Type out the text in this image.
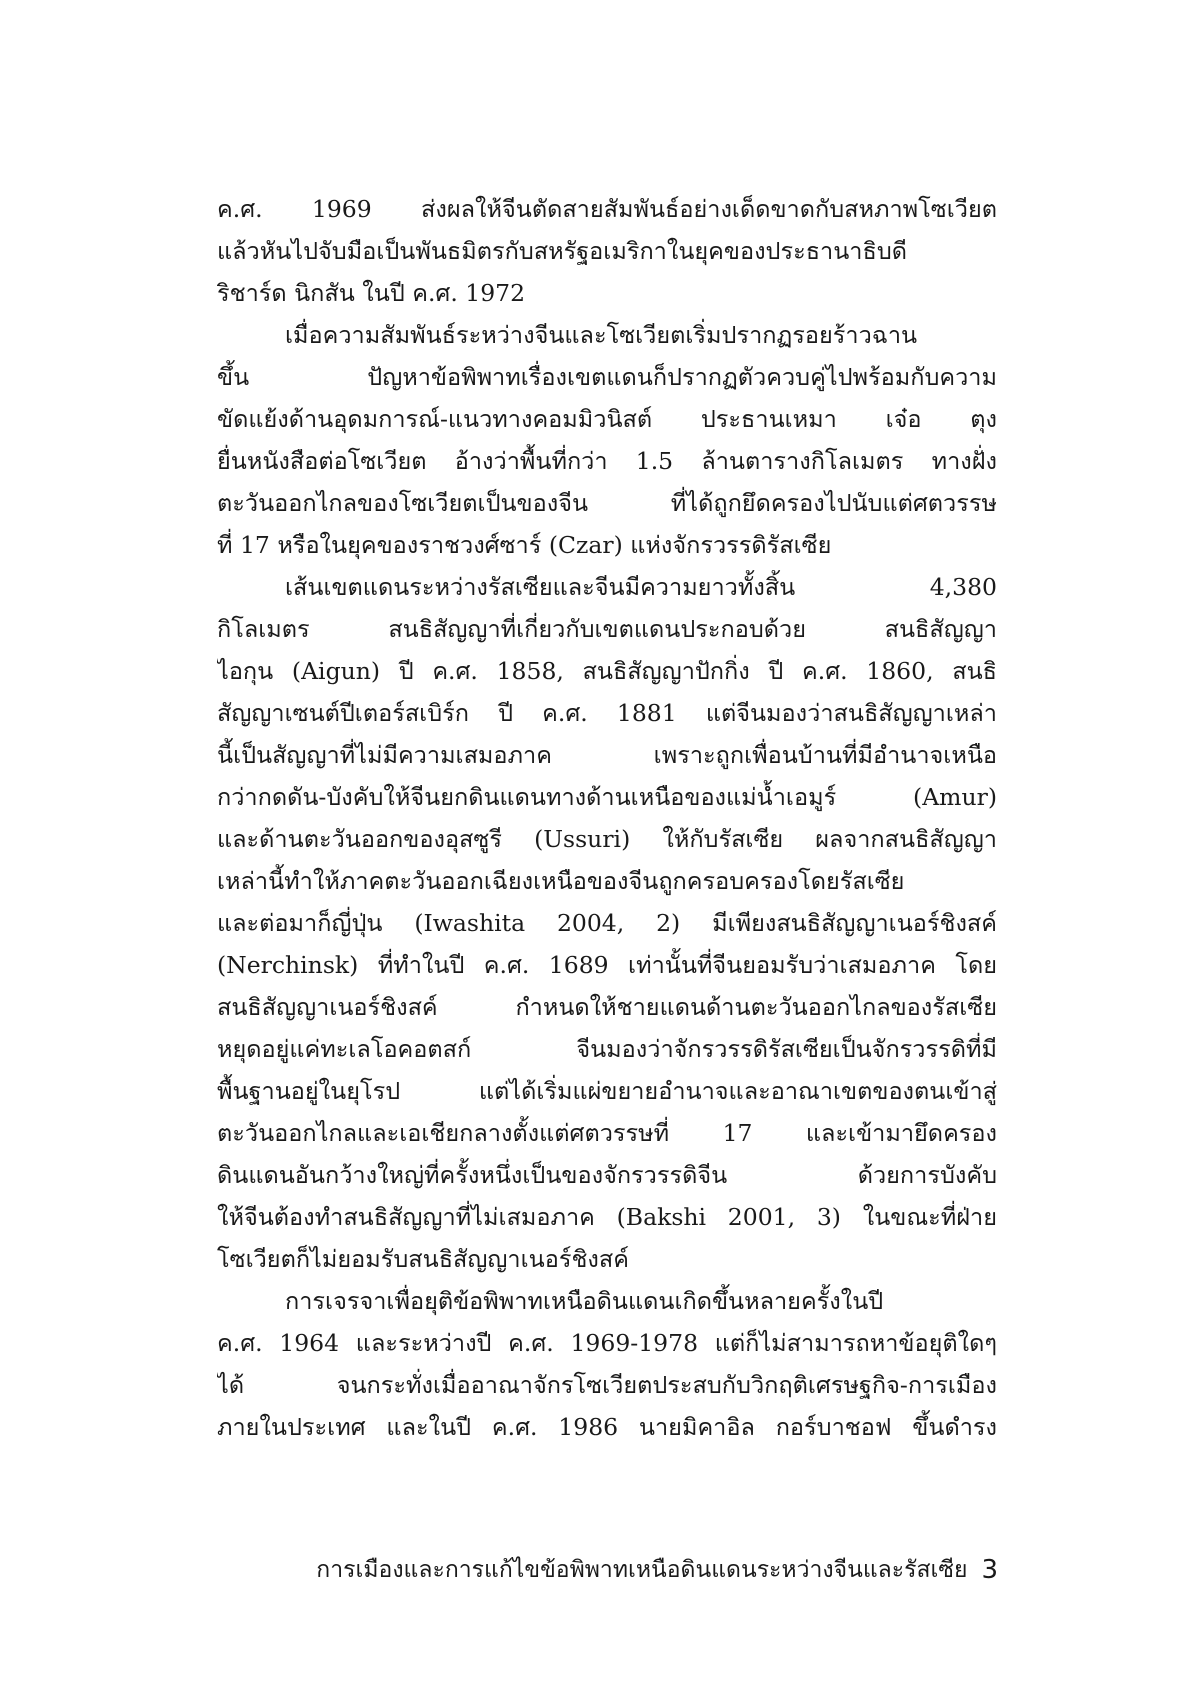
ค.ศ. 1969 ส่งผลให้จีนตัดสายสัมพันธ์อย่างเด็ดขาดกับสหภาพโซเวียต
แล้วหันไปจับมือเป็นพันธมิตรกับสหรัฐอเมริกาในยุคของประธานาธิบดี
ริชาร์ด นิกสัน ในปี ค.ศ. 1972
เมื่อความสัมพันธ์ระหว่างจีนและโซเวียตเริ่มปรากฏรอยร้าวฉาน
ขึ้น ปัญหาข้อพิพาทเรื่องเขตแดนก็ปรากฏตัวควบคู่ไปพร้อมกับความ
ขัดแย้งด้านอุดมการณ์-แนวทางคอมมิวนิสต์ ประธานเหมา เจ๋อ ตุง
ยื่นหนังสือต่อโซเวียต อ้างว่าพื้นที่กว่า 1.5 ล้านตารางกิโลเมตร ทางฝั่ง
ตะวันออกไกลของโซเวียตเป็นของจีน ที่ได้ถูกยึดครองไปนับแต่ศตวรรษ
ที่ 17 หรือในยุคของราชวงศ์ซาร์ (Czar) แห่งจักรวรรดิรัสเซีย
เส้นเขตแดนระหว่างรัสเซียและจีนมีความยาวทั้งสิ้น 4,380
กิโลเมตร สนธิสัญญาที่เกี่ยวกับเขตแดนประกอบด้วย สนธิสัญญา
ไอกุน (Aigun) ปี ค.ศ. 1858, สนธิสัญญาปักกิ่ง ปี ค.ศ. 1860, สนธิ
สัญญาเซนต์ปีเตอร์สเบิร์ก ปี ค.ศ. 1881 แต่จีนมองว่าสนธิสัญญาเหล่า
นี้เป็นสัญญาที่ไม่มีความเสมอภาค เพราะถูกเพื่อนบ้านที่มีอำนาจเหนือ
กว่ากดดัน-บังคับให้จีนยกดินแดนทางด้านเหนือของแม่น้ำเอมูร์ (Amur)
และด้านตะวันออกของอุสซูรี (Ussuri) ให้กับรัสเซีย ผลจากสนธิสัญญา
เหล่านี้ทำให้ภาคตะวันออกเฉียงเหนือของจีนถูกครอบครองโดยรัสเซีย
และต่อมาก็ญี่ปุ่น (Iwashita 2004, 2) มีเพียงสนธิสัญญาเนอร์ชิงสค์
(Nerchinsk) ที่ทำในปี ค.ศ. 1689 เท่านั้นที่จีนยอมรับว่าเสมอภาค โดย
สนธิสัญญาเนอร์ชิงสค์ กำหนดให้ชายแดนด้านตะวันออกไกลของรัสเซีย
หยุดอยู่แค่ทะเลโอคอตสก์ จีนมองว่าจักรวรรดิรัสเซียเป็นจักรวรรดิที่มี
พื้นฐานอยู่ในยุโรป แต่ได้เริ่มแผ่ขยายอำนาจและอาณาเขตของตนเข้าสู่
ตะวันออกไกลและเอเชียกลางตั้งแต่ศตวรรษที่ 17 และเข้ามายึดครอง
ดินแดนอันกว้างใหญ่ที่ครั้งหนึ่งเป็นของจักรวรรดิจีน ด้วยการบังคับ
ให้จีนต้องทำสนธิสัญญาที่ไม่เสมอภาค (Bakshi 2001, 3) ในขณะที่ฝ่าย
โซเวียตก็ไม่ยอมรับสนธิสัญญาเนอร์ชิงสค์
การเจรจาเพื่อยุติข้อพิพาทเหนือดินแดนเกิดขึ้นหลายครั้งในปี
ค.ศ. 1964 และระหว่างปี ค.ศ. 1969-1978 แต่ก็ไม่สามารถหาข้อยุติใดๆ
ได้ จนกระทั่งเมื่ออาณาจักรโซเวียตประสบกับวิกฤติเศรษฐกิจ-การเมือง
ภายในประเทศ และในปี ค.ศ. 1986 นายมิคาอิล กอร์บาชอฟ ขึ้นดำรง
การเมืองและการแก้ไขข้อพิพาทเหนือดินแดนระหว่างจีนและรัสเซีย 3
